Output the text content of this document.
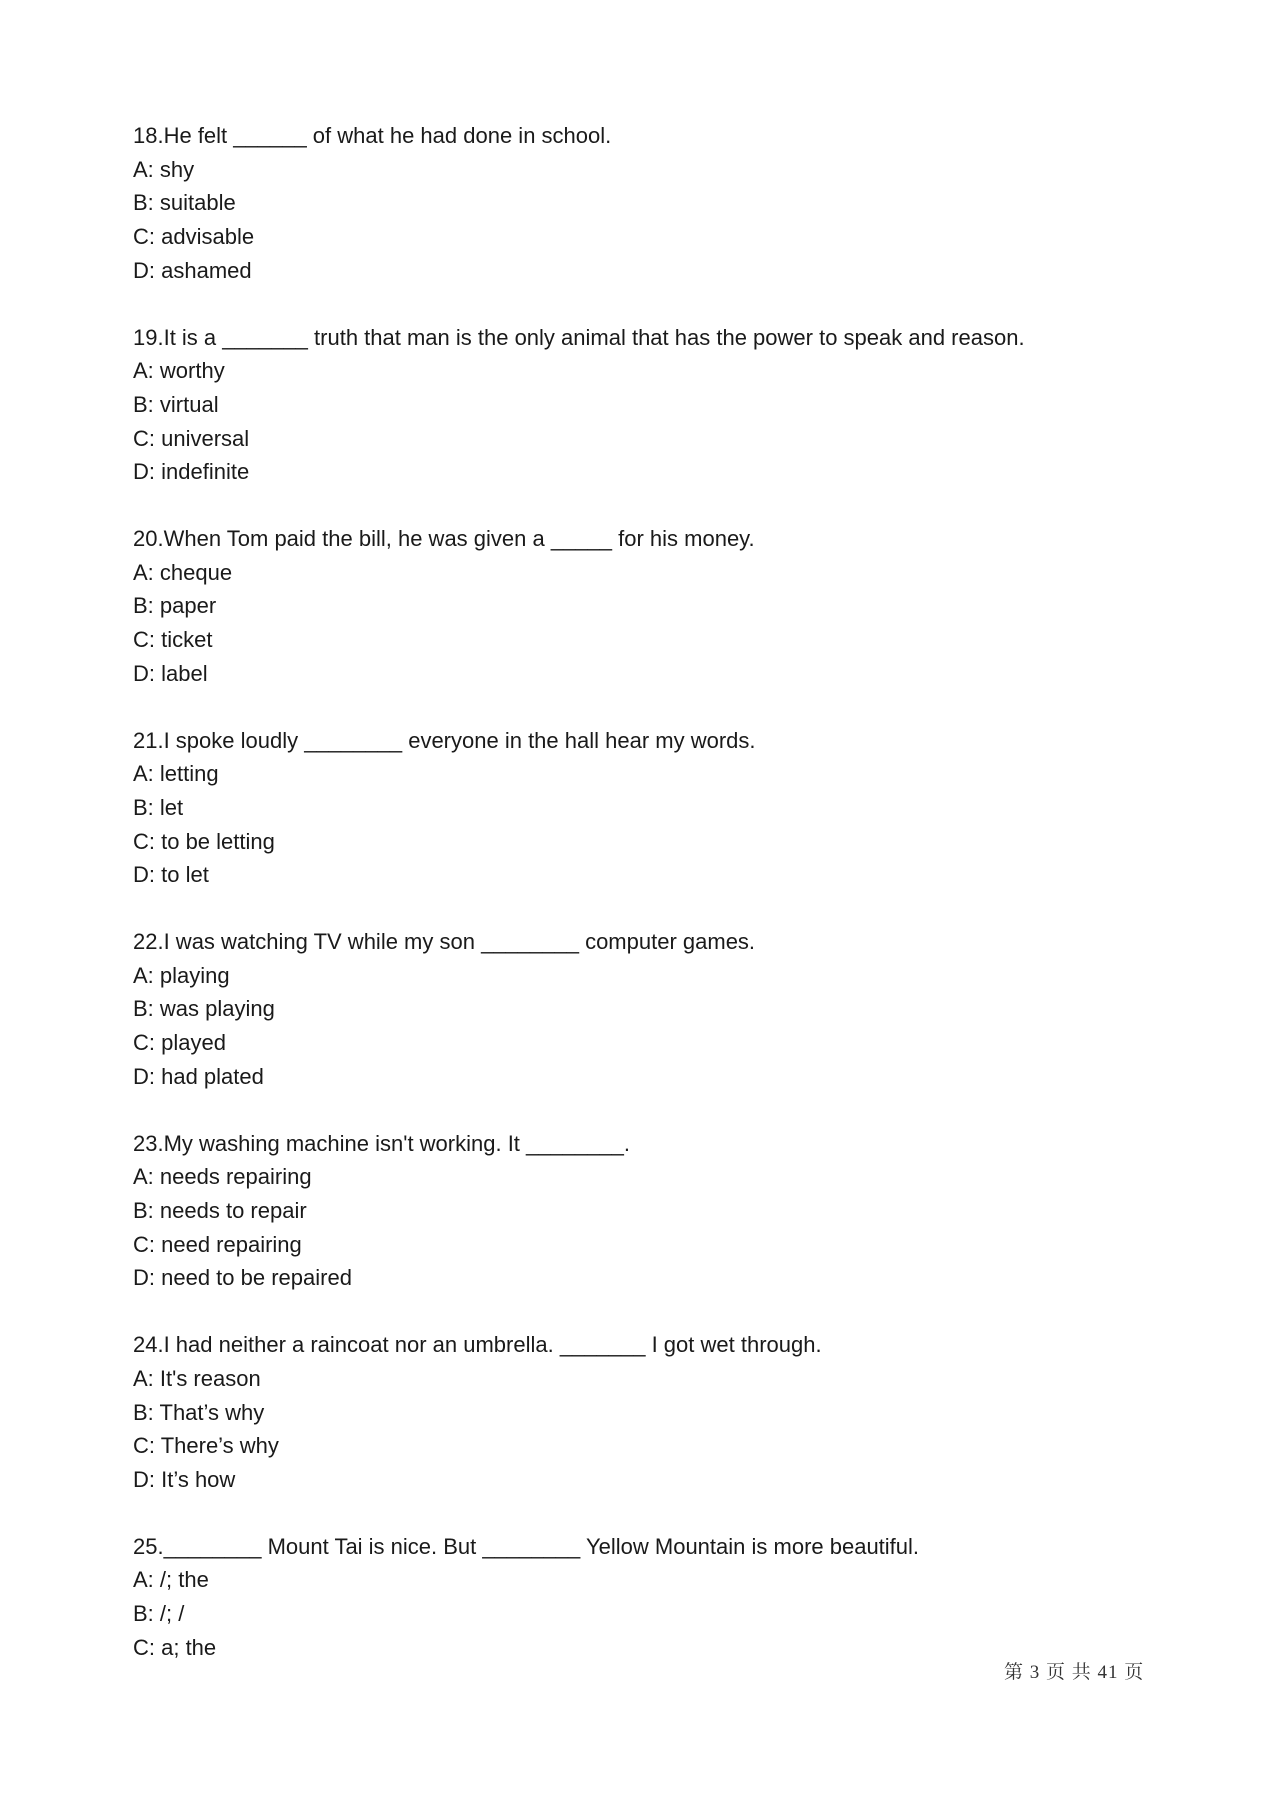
18.He felt ______ of what he had done in school.
A: shy
B: suitable
C: advisable
D: ashamed
19.It is a _______ truth that man is the only animal that has the power to speak and reason.
A: worthy
B: virtual
C: universal
D: indefinite
20.When Tom paid the bill, he was given a _____ for his money.
A: cheque
B: paper
C: ticket
D: label
21.I spoke loudly ________ everyone in the hall hear my words.
A: letting
B: let
C: to be letting
D: to let
22.I was watching TV while my son ________ computer games.
A: playing
B: was playing
C: played
D: had plated
23.My washing machine isn't working. It ________.
A: needs repairing
B: needs to repair
C: need repairing
D: need to be repaired
24.I had neither a raincoat nor an umbrella. _______ I got wet through.
A: It's reason
B: That’s why
C: There’s why
D: It’s how
25.________ Mount Tai is nice. But ________ Yellow Mountain is more beautiful.
A: /; the
B: /; /
C: a; the
第 3 页 共 41 页
